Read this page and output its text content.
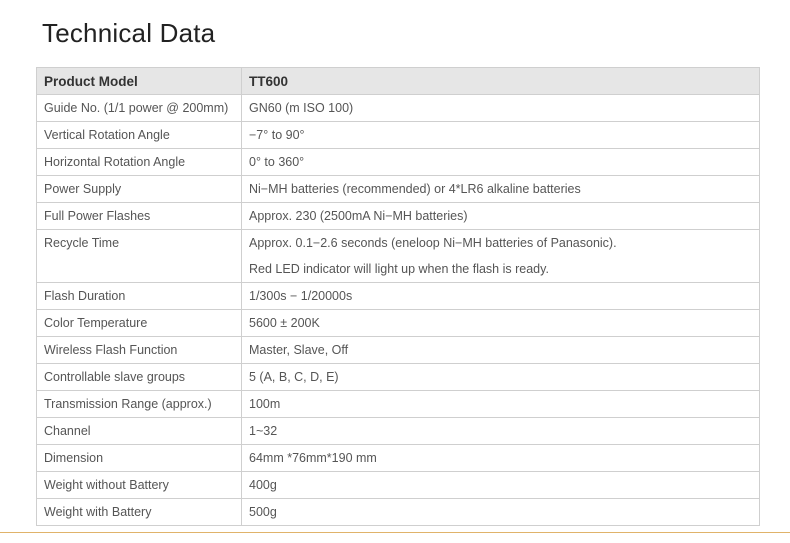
Technical Data
Product Model	TT600
Guide No. (1/1 power @ 200mm)	GN60 (m ISO 100)

Vertical Rotation Angle	−7° to 90°

Horizontal Rotation Angle	0° to 360°

Power Supply	Ni−MH batteries (recommended) or 4*LR6 alkaline batteries

Full Power Flashes	Approx. 230 (2500mA Ni−MH batteries)

Recycle Time	Approx. 0.1−2.6 seconds (eneloop Ni−MH batteries of Panasonic).
Red LED indicator will light up when the flash is ready.

Flash Duration	1/300s − 1/20000s

Color Temperature	5600 ± 200K

Wireless Flash Function	Master, Slave, Off

Controllable slave groups	5 (A, B, C, D, E)

Transmission Range (approx.)	100m

Channel	1~32

Dimension	64mm *76mm*190 mm

Weight without Battery	400g

Weight with Battery	500g
